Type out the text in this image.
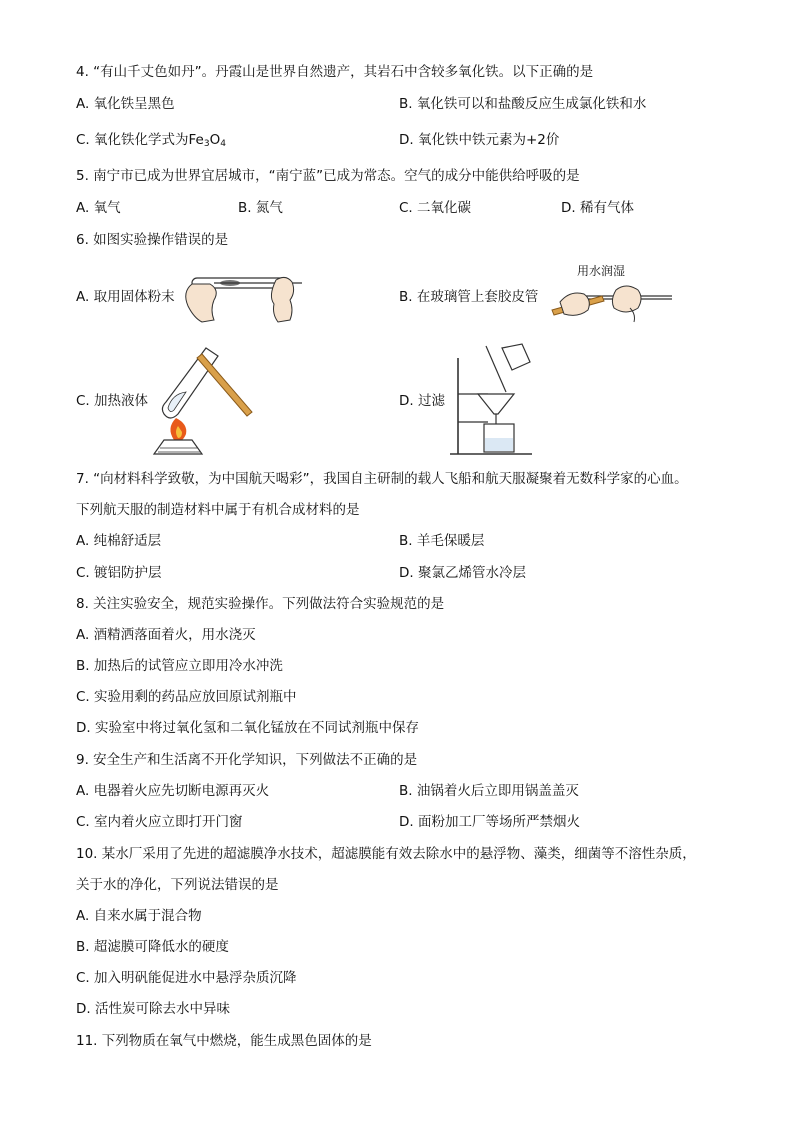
4. “有山千丈色如丹”。丹霞山是世界自然遗产，其岩石中含较多氧化铁。以下正确的是
A. 氧化铁呈黑色	B. 氧化铁可以和盐酸反应生成氯化铁和水
C. 氧化铁化学式为$Fe_3O_4$	D. 氧化铁中铁元素为+2价
5. 南宁市已成为世界宜居城市，“南宁蓝”已成为常态。空气的成分中能供给呼吸的是
A. 氧气	B. 氮气	C. 二氧化碳	D. 稀有气体
6. 如图实验操作错误的是
A. 取用固体粉末	B. 在玻璃管上套胶皮管
用水润湿
C. 加热液体	D. 过滤
7. “向材料科学致敬，为中国航天喝彩”，我国自主研制的载人飞船和航天服凝聚着无数科学家的心血。
下列航天服的制造材料中属于有机合成材料的是
A. 纯棉舒适层	B. 羊毛保暖层
C. 镀铝防护层	D. 聚氯乙烯管水冷层
8. 关注实验安全，规范实验操作。下列做法符合实验规范的是
A. 酒精洒落面着火，用水浇灭
B. 加热后的试管应立即用冷水冲洗
C. 实验用剩的药品应放回原试剂瓶中
D. 实验室中将过氧化氢和二氧化锰放在不同试剂瓶中保存
9. 安全生产和生活离不开化学知识，下列做法不正确的是
A. 电器着火应先切断电源再灭火	B. 油锅着火后立即用锅盖盖灭
C. 室内着火应立即打开门窗	D. 面粉加工厂等场所严禁烟火
10. 某水厂采用了先进的超滤膜净水技术，超滤膜能有效去除水中的悬浮物、藻类，细菌等不溶性杂质，
关于水的净化，下列说法错误的是
A. 自来水属于混合物
B. 超滤膜可降低水的硬度
C. 加入明矾能促进水中悬浮杂质沉降
D. 活性炭可除去水中异味
11. 下列物质在氧气中燃烧，能生成黑色固体的是
